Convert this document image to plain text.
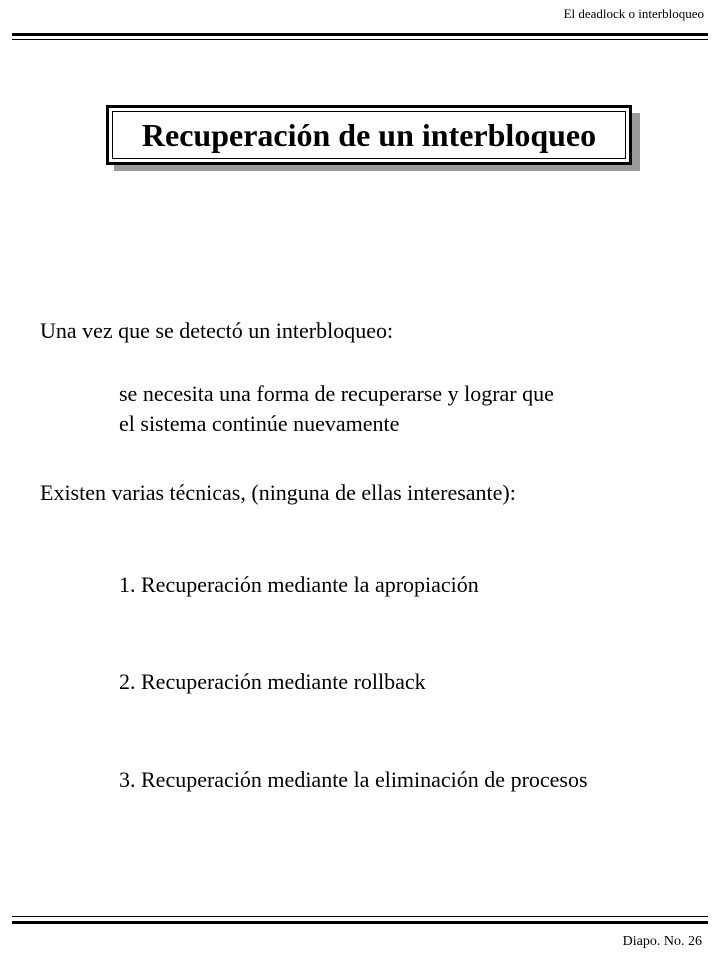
El deadlock o interbloqueo
Recuperación de un interbloqueo
Una vez que se detectó un interbloqueo:
se necesita una forma de recuperarse y lograr que
el sistema continúe nuevamente
Existen varias técnicas, (ninguna de ellas interesante):
1. Recuperación mediante la apropiación
2. Recuperación mediante rollback
3. Recuperación mediante la eliminación de procesos
Diapo. No. 26
